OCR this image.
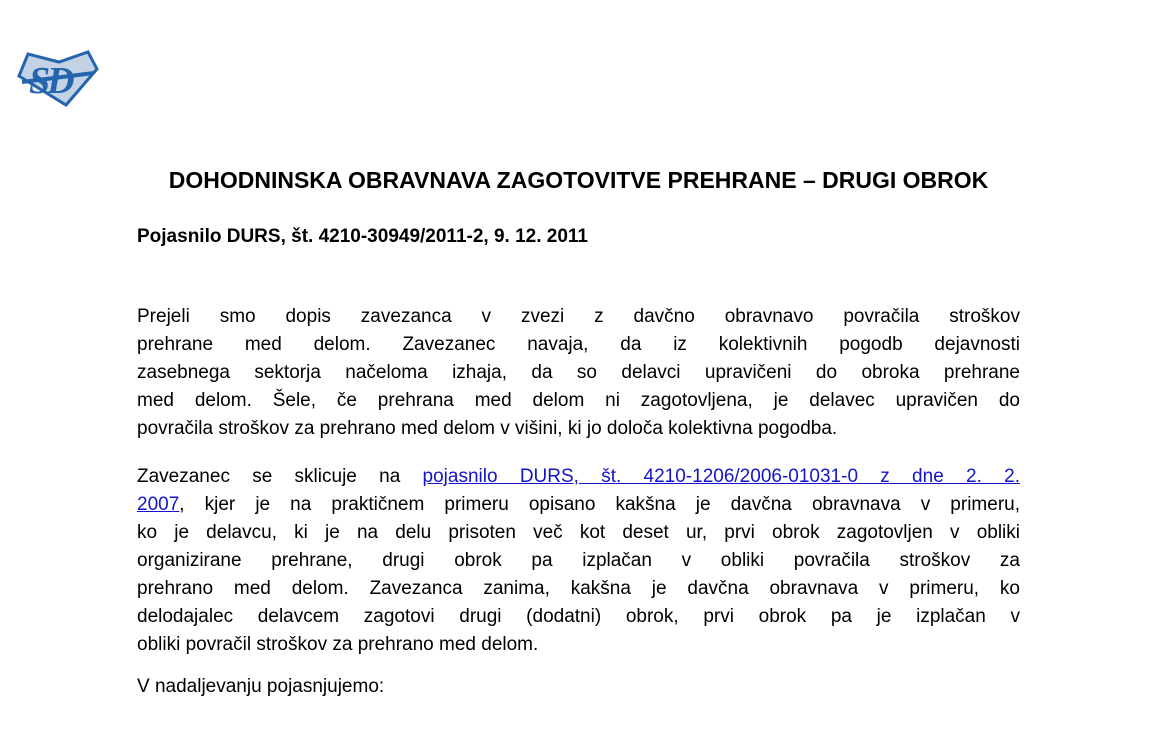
SD
DOHODNINSKA OBRAVNAVA ZAGOTOVITVE PREHRANE – DRUGI OBROK
Pojasnilo DURS, št. 4210-30949/2011-2, 9. 12. 2011
Prejeli smo dopis zavezanca v zvezi z davčno obravnavo povračila stroškov
prehrane med delom. Zavezanec navaja, da iz kolektivnih pogodb dejavnosti
zasebnega sektorja načeloma izhaja, da so delavci upravičeni do obroka prehrane
med delom. Šele, če prehrana med delom ni zagotovljena, je delavec upravičen do
povračila stroškov za prehrano med delom v višini, ki jo določa kolektivna pogodba.
Zavezanec se sklicuje na pojasnilo DURS, št. 4210-1206/2006-01031-0 z dne 2. 2.
2007, kjer je na praktičnem primeru opisano kakšna je davčna obravnava v primeru,
ko je delavcu, ki je na delu prisoten več kot deset ur, prvi obrok zagotovljen v obliki
organizirane prehrane, drugi obrok pa izplačan v obliki povračila stroškov za
prehrano med delom. Zavezanca zanima, kakšna je davčna obravnava v primeru, ko
delodajalec delavcem zagotovi drugi (dodatni) obrok, prvi obrok pa je izplačan v
obliki povračil stroškov za prehrano med delom.
V nadaljevanju pojasnjujemo:
